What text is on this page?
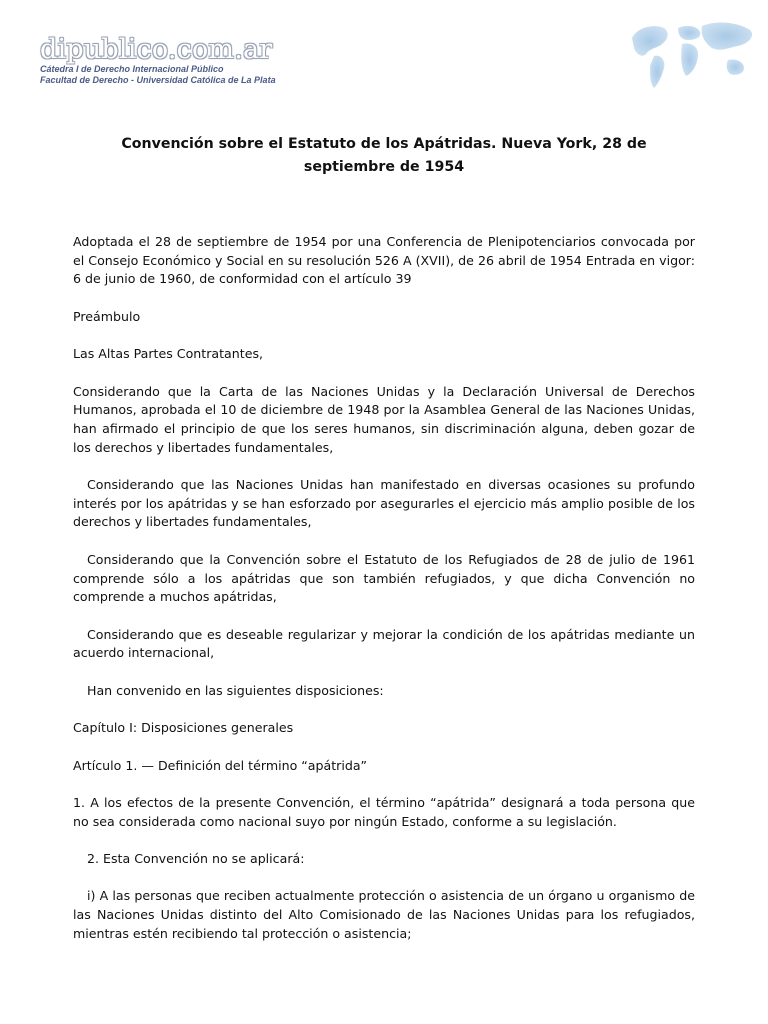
dipublico.com.ar
Cátedra I de Derecho Internacional Público
Facultad de Derecho - Universidad Católica de La Plata
Convención sobre el Estatuto de los Apátridas. Nueva York, 28 de septiembre de 1954

Adoptada el 28 de septiembre de 1954 por una Conferencia de Plenipotenciarios convocada por el Consejo Económico y Social en su resolución 526 A (XVII), de 26 abril de 1954 Entrada en vigor: 6 de junio de 1960, de conformidad con el artículo 39

Preámbulo

Las Altas Partes Contratantes,

Considerando que la Carta de las Naciones Unidas y la Declaración Universal de Derechos Humanos, aprobada el 10 de diciembre de 1948 por la Asamblea General de las Naciones Unidas, han afirmado el principio de que los seres humanos, sin discriminación alguna, deben gozar de los derechos y libertades fundamentales,

Considerando que las Naciones Unidas han manifestado en diversas ocasiones su profundo interés por los apátridas y se han esforzado por asegurarles el ejercicio más amplio posible de los derechos y libertades fundamentales,

Considerando que la Convención sobre el Estatuto de los Refugiados de 28 de julio de 1961 comprende sólo a los apátridas que son también refugiados, y que dicha Convención no comprende a muchos apátridas,

Considerando que es deseable regularizar y mejorar la condición de los apátridas mediante un acuerdo internacional,

Han convenido en las siguientes disposiciones:

Capítulo I: Disposiciones generales

Artículo 1. — Definición del término “apátrida”

1. A los efectos de la presente Convención, el término “apátrida” designará a toda persona que no sea considerada como nacional suyo por ningún Estado, conforme a su legislación.

2. Esta Convención no se aplicará:

i) A las personas que reciben actualmente protección o asistencia de un órgano u organismo de las Naciones Unidas distinto del Alto Comisionado de las Naciones Unidas para los refugiados, mientras estén recibiendo tal protección o asistencia;
